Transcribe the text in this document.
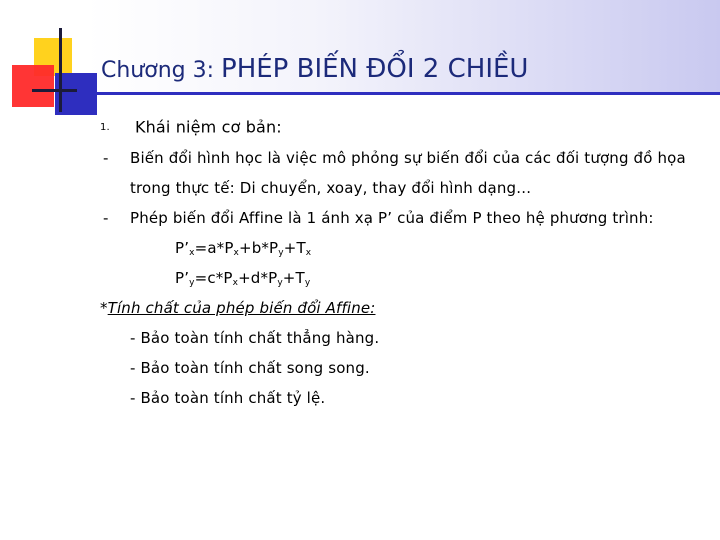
Chương 3: PHÉP BIẾN ĐỔI 2 CHIỀU
1. Khái niệm cơ bản:
- Biến đổi hình học là việc mô phỏng sự biến đổi của các đối tượng đồ họa trong thực tế: Di chuyển, xoay, thay đổi hình dạng…
- Phép biến đổi Affine là 1 ánh xạ P’ của điểm P theo hệ phương trình:
$P’_x=a*P_x+b*P_y+T_x$
$P’_y=c*P_x+d*P_y+T_y$
*Tính chất của phép biến đổi Affine:
- Bảo toàn tính chất thẳng hàng.
- Bảo toàn tính chất song song.
- Bảo toàn tính chất tỷ lệ.
